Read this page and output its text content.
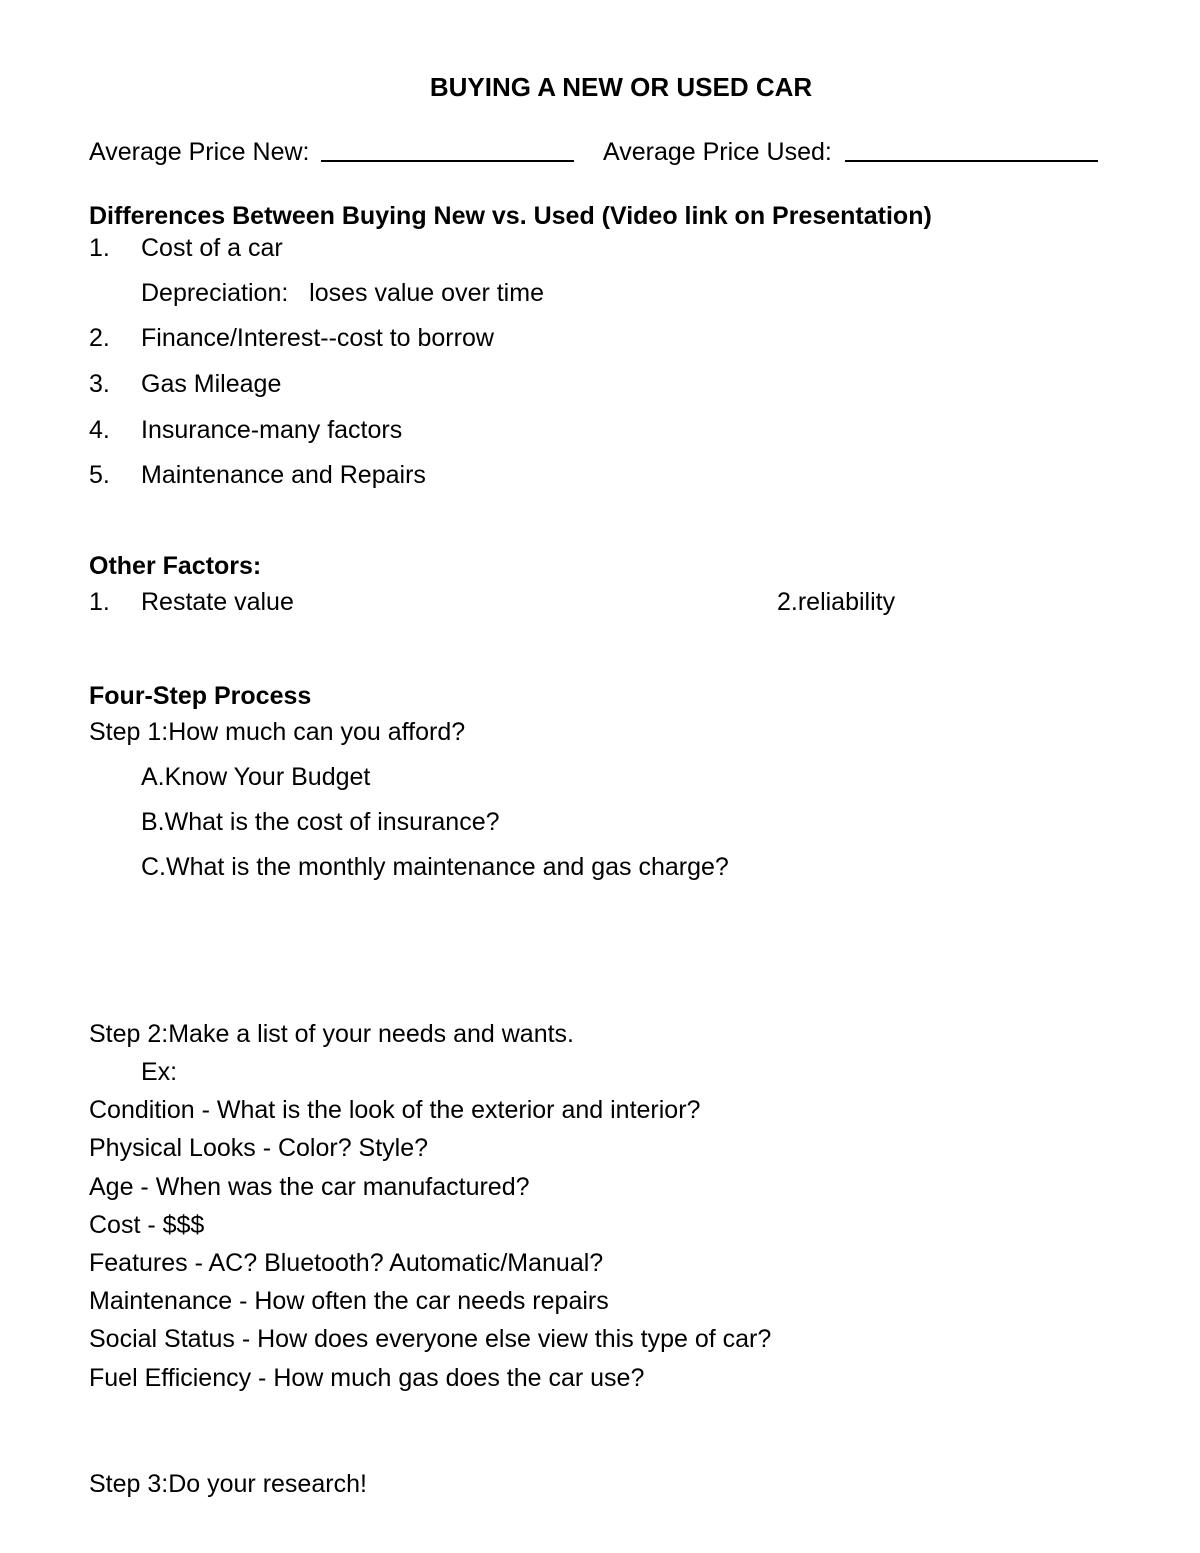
BUYING A NEW OR USED CAR
Average Price New:	Average Price Used:
Differences Between Buying New vs. Used (Video link on Presentation)
1. Cost of a car
Depreciation:   loses value over time
2. Finance/Interest--cost to borrow
3. Gas Mileage
4. Insurance-many factors
5. Maintenance and Repairs
Other Factors:
1. Restate value	2.reliability
Four-Step Process
Step 1:How much can you afford?
A.Know Your Budget
B.What is the cost of insurance?
C.What is the monthly maintenance and gas charge?
Step 2:Make a list of your needs and wants.
Ex:
Condition - What is the look of the exterior and interior?
Physical Looks - Color? Style?
Age - When was the car manufactured?
Cost - $$$
Features - AC? Bluetooth? Automatic/Manual?
Maintenance - How often the car needs repairs
Social Status - How does everyone else view this type of car?
Fuel Efficiency - How much gas does the car use?
Step 3:Do your research!
